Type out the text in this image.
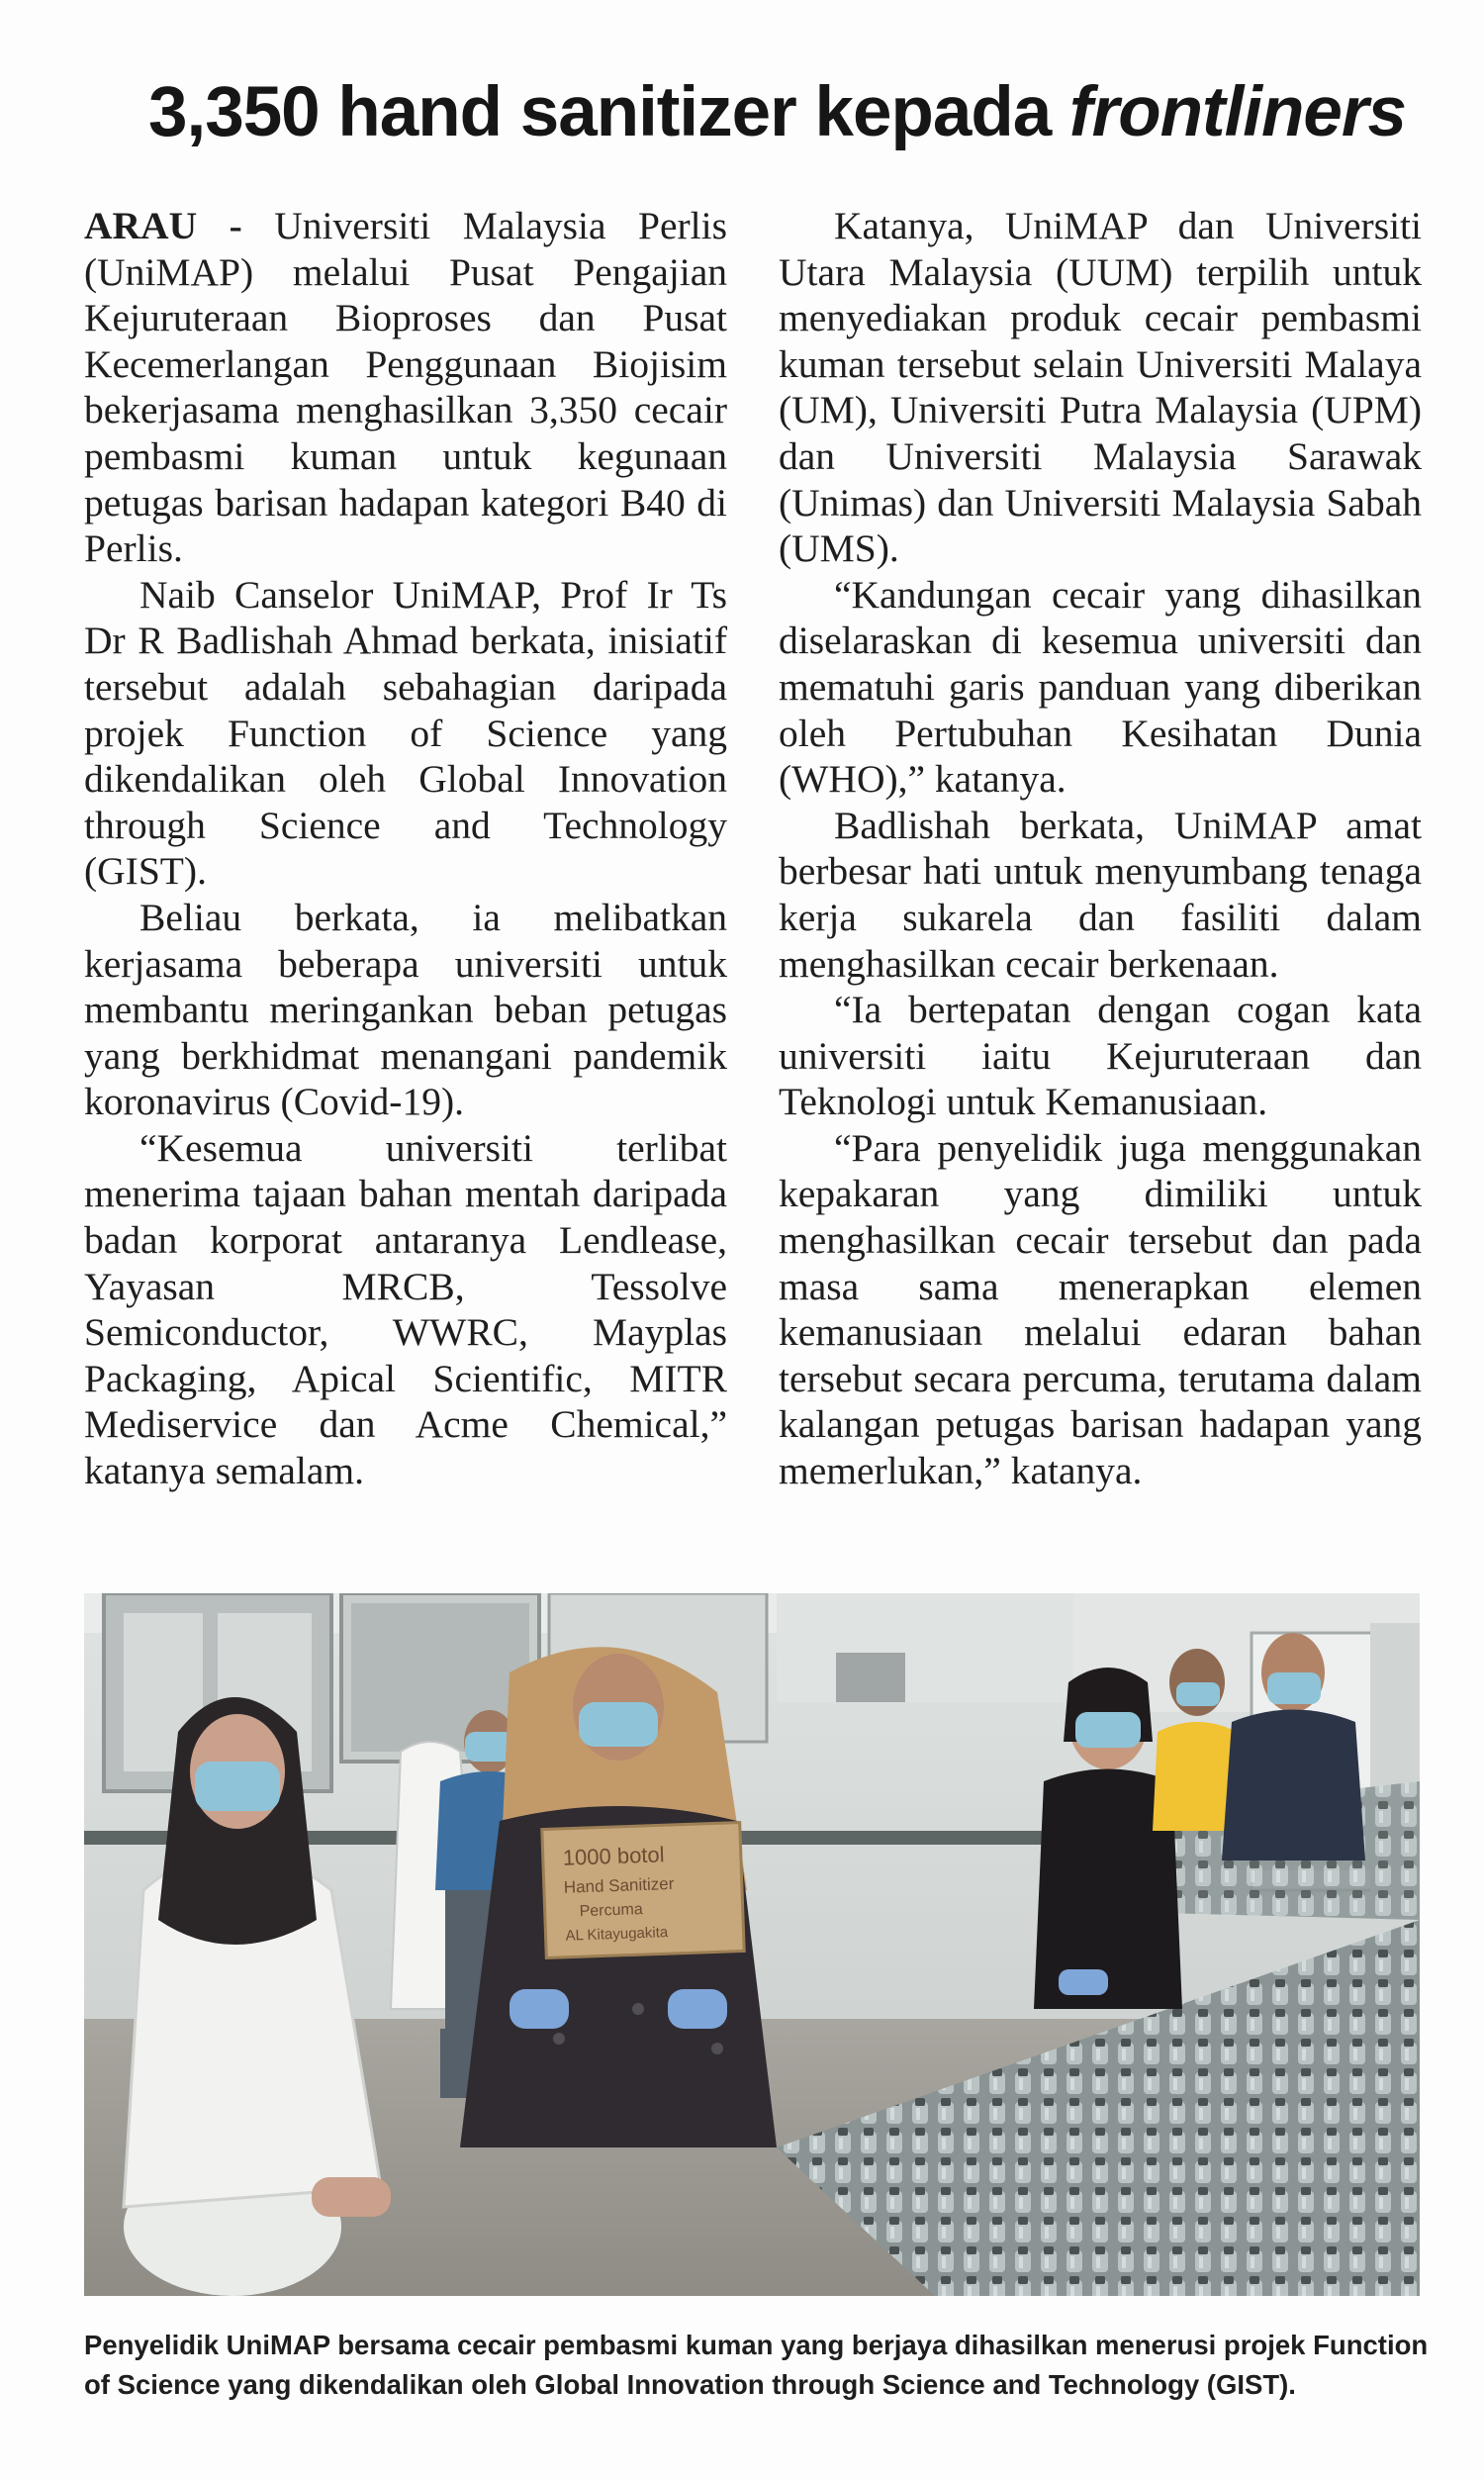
3,350 hand sanitizer kepada frontliners

ARAU - Universiti Malaysia Perlis (UniMAP) melalui Pusat Pengajian Kejuruteraan Bioproses dan Pusat Kecemerlangan Penggunaan Biojisim bekerjasama menghasilkan 3,350 cecair pembasmi kuman untuk kegunaan petugas barisan hadapan kategori B40 di Perlis.

Naib Canselor UniMAP, Prof Ir Ts Dr R Badlishah Ahmad berkata, inisiatif tersebut adalah sebahagian daripada projek Function of Science yang dikendalikan oleh Global Innovation through Science and Technology (GIST).

Beliau berkata, ia melibatkan kerjasama beberapa universiti untuk membantu meringankan beban petugas yang berkhidmat menangani pandemik koronavirus (Covid-19).

“Kesemua universiti terlibat menerima tajaan bahan mentah daripada badan korporat antaranya Lendlease, Yayasan MRCB, Tessolve Semiconductor, WWRC, Mayplas Packaging, Apical Scientific, MITR Mediservice dan Acme Chemical,” katanya semalam.

Katanya, UniMAP dan Universiti Utara Malaysia (UUM) terpilih untuk menyediakan produk cecair pembasmi kuman tersebut selain Universiti Malaya (UM), Universiti Putra Malaysia (UPM) dan Universiti Malaysia Sarawak (Unimas) dan Universiti Malaysia Sabah (UMS).

“Kandungan cecair yang dihasilkan diselaraskan di kesemua universiti dan mematuhi garis panduan yang diberikan oleh Pertubuhan Kesihatan Dunia (WHO),” katanya.

Badlishah berkata, UniMAP amat berbesar hati untuk menyumbang tenaga kerja sukarela dan fasiliti dalam menghasilkan cecair berkenaan.

“Ia bertepatan dengan cogan kata universiti iaitu Kejuruteraan dan Teknologi untuk Kemanusiaan.

“Para penyelidik juga menggunakan kepakaran yang dimiliki untuk menghasilkan cecair tersebut dan pada masa sama menerapkan elemen kemanusiaan melalui edaran bahan tersebut secara percuma, terutama dalam kalangan petugas barisan hadapan yang memerlukan,” katanya.

1000 botol
Hand Sanitizer
Percuma
AL Kitayugakita
Penyelidik UniMAP bersama cecair pembasmi kuman yang berjaya dihasilkan menerusi projek Function of Science yang dikendalikan oleh Global Innovation through Science and Technology (GIST).
